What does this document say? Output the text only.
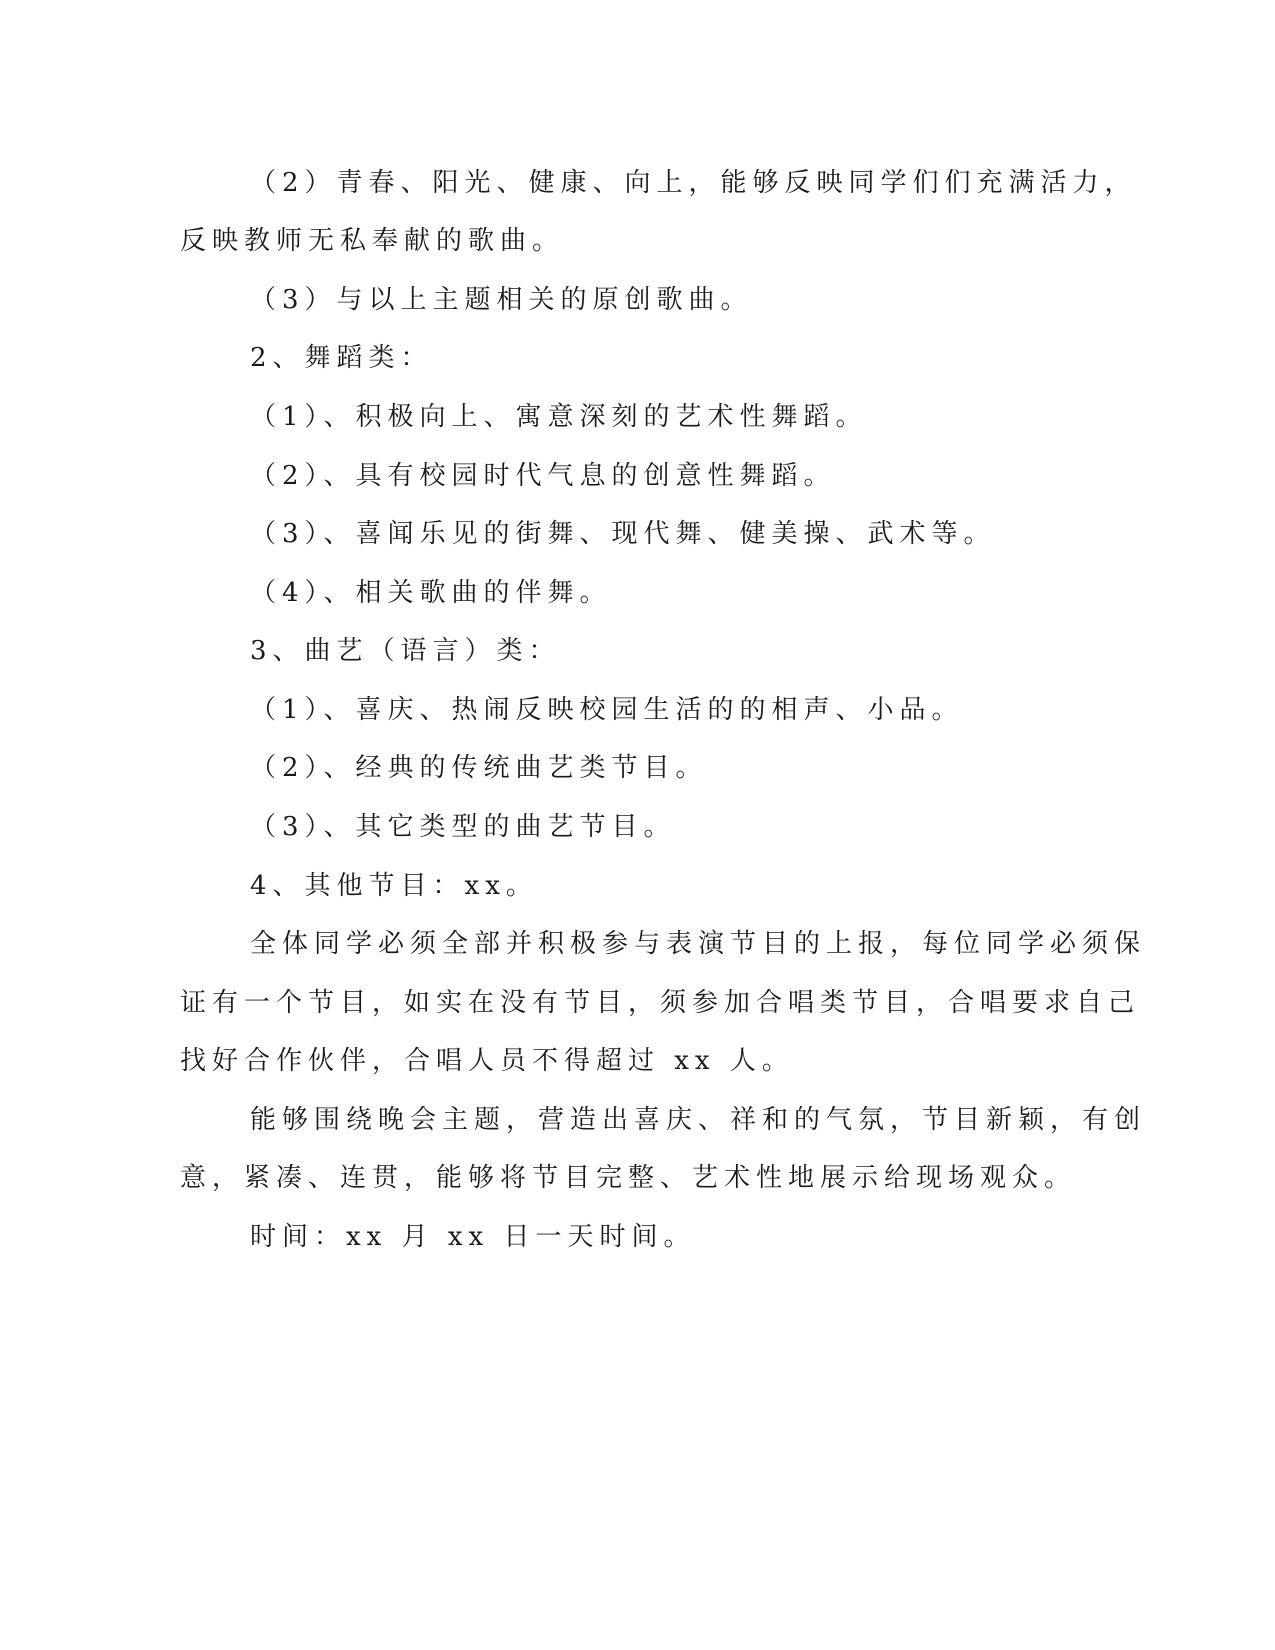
（2）青春、阳光、健康、向上，能够反映同学们们充满活力，
反映教师无私奉献的歌曲。
（3）与以上主题相关的原创歌曲。
2、舞蹈类：
（1）、积极向上、寓意深刻的艺术性舞蹈。
（2）、具有校园时代气息的创意性舞蹈。
（3）、喜闻乐见的街舞、现代舞、健美操、武术等。
（4）、相关歌曲的伴舞。
3、曲艺（语言）类：
（1）、喜庆、热闹反映校园生活的的相声、小品。
（2）、经典的传统曲艺类节目。
（3）、其它类型的曲艺节目。
4、其他节目：xx。
全体同学必须全部并积极参与表演节目的上报，每位同学必须保
证有一个节目，如实在没有节目，须参加合唱类节目，合唱要求自己
找好合作伙伴，合唱人员不得超过 xx 人。
能够围绕晚会主题，营造出喜庆、祥和的气氛，节目新颖，有创
意，紧凑、连贯，能够将节目完整、艺术性地展示给现场观众。
时间：xx 月 xx 日一天时间。
